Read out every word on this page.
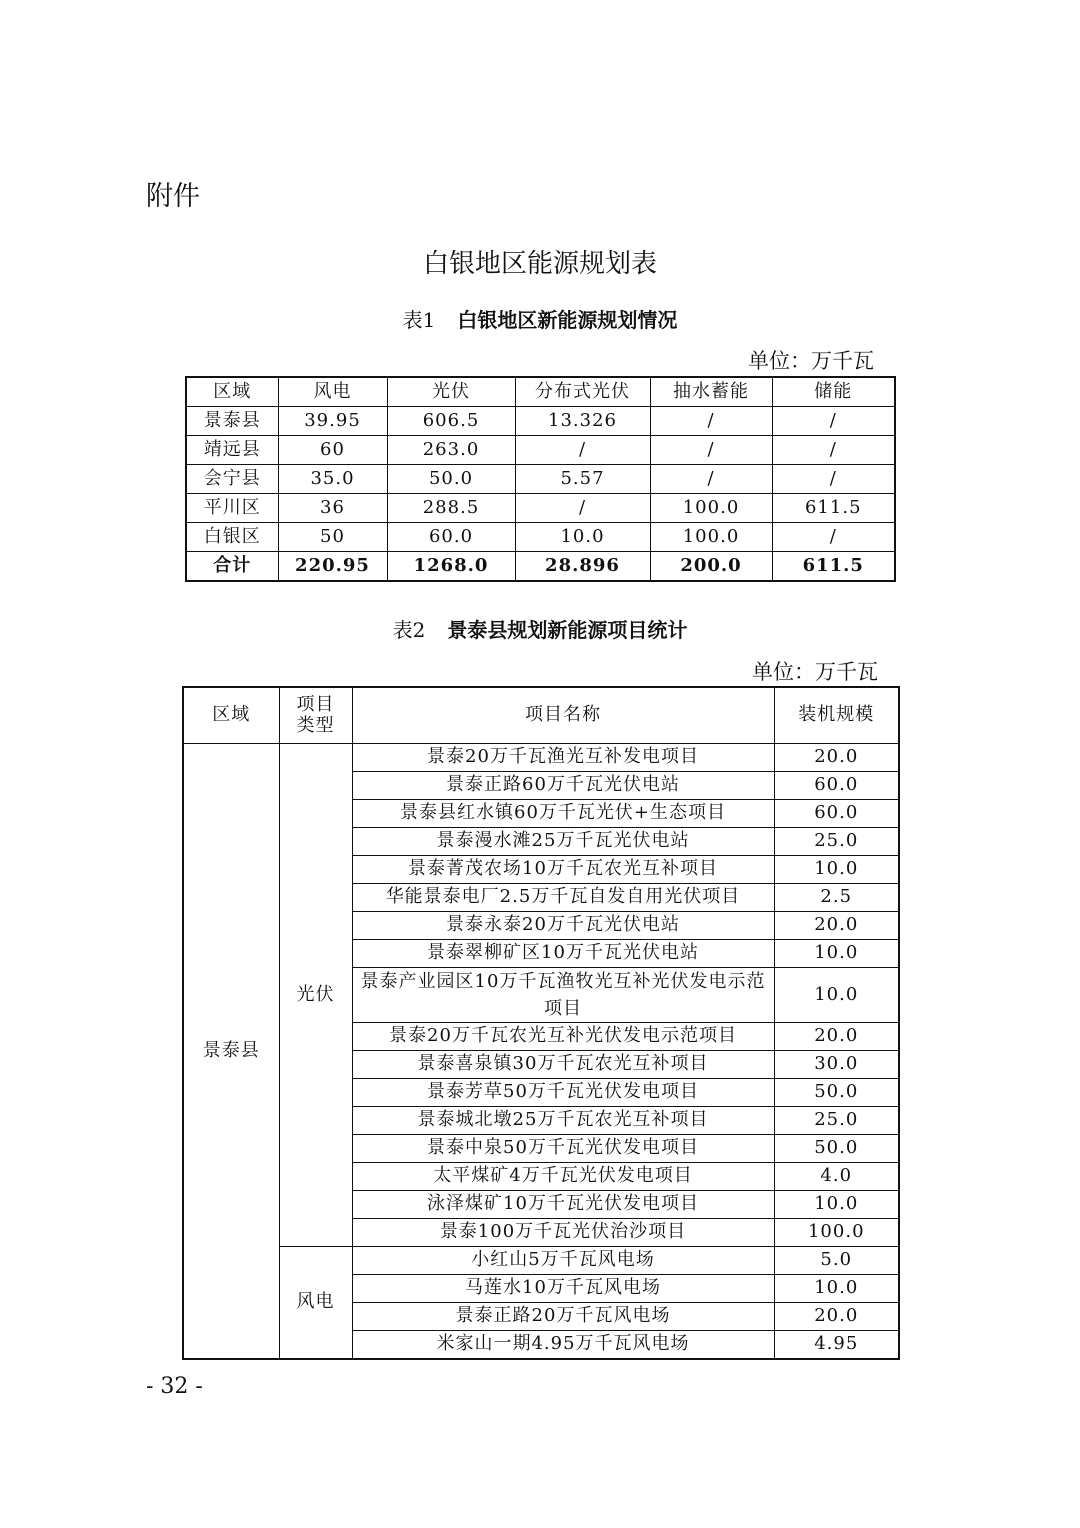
附件
白银地区能源规划表
表1 白银地区新能源规划情况
单位：万千瓦
区域	风电	光伏	分布式光伏	抽水蓄能	储能
景泰县	39.95	606.5	13.326	/	/
靖远县	60	263.0	/	/	/
会宁县	35.0	50.0	5.57	/	/
平川区	36	288.5	/	100.0	611.5
白银区	50	60.0	10.0	100.0	/
合计	220.95	1268.0	28.896	200.0	611.5
表2 景泰县规划新能源项目统计
单位：万千瓦
区域	项目类型	项目名称	装机规模
景泰县	光伏	景泰20万千瓦渔光互补发电项目	20.0
		景泰正路60万千瓦光伏电站	60.0
		景泰县红水镇60万千瓦光伏+生态项目	60.0
		景泰漫水滩25万千瓦光伏电站	25.0
		景泰菁茂农场10万千瓦农光互补项目	10.0
		华能景泰电厂2.5万千瓦自发自用光伏项目	2.5
		景泰永泰20万千瓦光伏电站	20.0
		景泰翠柳矿区10万千瓦光伏电站	10.0
		景泰产业园区10万千瓦渔牧光互补光伏发电示范项目	10.0
		景泰20万千瓦农光互补光伏发电示范项目	20.0
		景泰喜泉镇30万千瓦农光互补项目	30.0
		景泰芳草50万千瓦光伏发电项目	50.0
		景泰城北墩25万千瓦农光互补项目	25.0
		景泰中泉50万千瓦光伏发电项目	50.0
		太平煤矿4万千瓦光伏发电项目	4.0
		泳泽煤矿10万千瓦光伏发电项目	10.0
		景泰100万千瓦光伏治沙项目	100.0
	风电	小红山5万千瓦风电场	5.0
		马莲水10万千瓦风电场	10.0
		景泰正路20万千瓦风电场	20.0
		米家山一期4.95万千瓦风电场	4.95
- 32 -
